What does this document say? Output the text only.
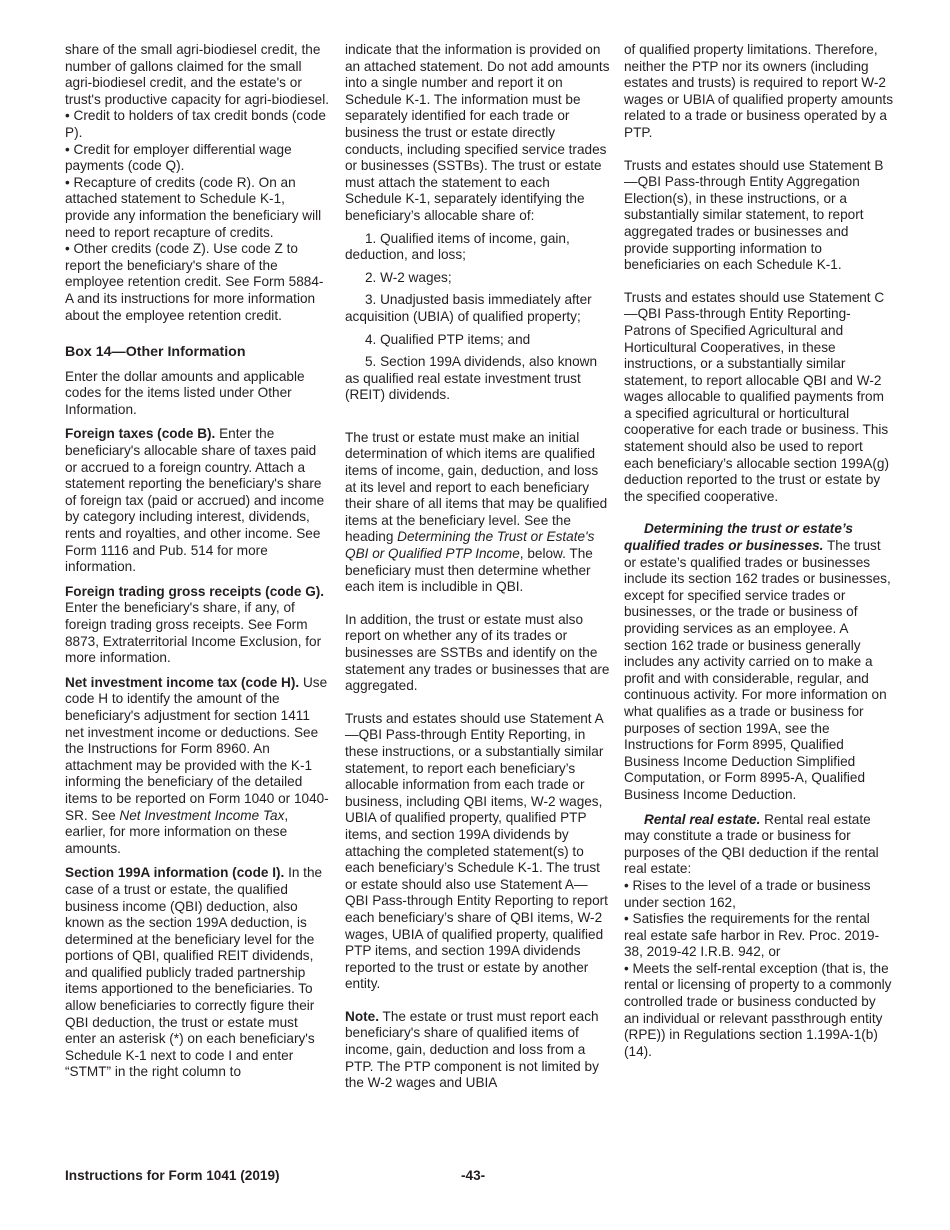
share of the small agri-biodiesel credit, the number of gallons claimed for the small agri-biodiesel credit, and the estate's or trust's productive capacity for agri-biodiesel.

• Credit to holders of tax credit bonds (code P).

• Credit for employer differential wage payments (code Q).

• Recapture of credits (code R). On an attached statement to Schedule K-1, provide any information the beneficiary will need to report recapture of credits.

• Other credits (code Z). Use code Z to report the beneficiary's share of the employee retention credit. See Form 5884-A and its instructions for more information about the employee retention credit.

Box 14—Other Information

Enter the dollar amounts and applicable codes for the items listed under Other Information.

Foreign taxes (code B). Enter the beneficiary's allocable share of taxes paid or accrued to a foreign country. Attach a statement reporting the beneficiary's share of foreign tax (paid or accrued) and income by category including interest, dividends, rents and royalties, and other income. See Form 1116 and Pub. 514 for more information.

Foreign trading gross receipts (code G). Enter the beneficiary's share, if any, of foreign trading gross receipts. See Form 8873, Extraterritorial Income Exclusion, for more information.

Net investment income tax (code H). Use code H to identify the amount of the beneficiary's adjustment for section 1411 net investment income or deductions. See the Instructions for Form 8960. An attachment may be provided with the K-1 informing the beneficiary of the detailed items to be reported on Form 1040 or 1040-SR. See Net Investment Income Tax, earlier, for more information on these amounts.

Section 199A information (code I). In the case of a trust or estate, the qualified business income (QBI) deduction, also known as the section 199A deduction, is determined at the beneficiary level for the portions of QBI, qualified REIT dividends, and qualified publicly traded partnership items apportioned to the beneficiaries. To allow beneficiaries to correctly figure their QBI deduction, the trust or estate must enter an asterisk (*) on each beneficiary's Schedule K-1 next to code I and enter “STMT” in the right column to

indicate that the information is provided on an attached statement. Do not add amounts into a single number and report it on Schedule K-1. The information must be separately identified for each trade or business the trust or estate directly conducts, including specified service trades or businesses (SSTBs). The trust or estate must attach the statement to each Schedule K-1, separately identifying the beneficiary’s allocable share of:

1. Qualified items of income, gain, deduction, and loss;

2. W-2 wages;

3. Unadjusted basis immediately after acquisition (UBIA) of qualified property;

4. Qualified PTP items; and

5. Section 199A dividends, also known as qualified real estate investment trust (REIT) dividends.

The trust or estate must make an initial determination of which items are qualified items of income, gain, deduction, and loss at its level and report to each beneficiary their share of all items that may be qualified items at the beneficiary level. See the heading Determining the Trust or Estate's QBI or Qualified PTP Income, below. The beneficiary must then determine whether each item is includible in QBI.

In addition, the trust or estate must also report on whether any of its trades or businesses are SSTBs and identify on the statement any trades or businesses that are aggregated.

Trusts and estates should use Statement A—QBI Pass-through Entity Reporting, in these instructions, or a substantially similar statement, to report each beneficiary’s allocable information from each trade or business, including QBI items, W-2 wages, UBIA of qualified property, qualified PTP items, and section 199A dividends by attaching the completed statement(s) to each beneficiary’s Schedule K-1. The trust or estate should also use Statement A—QBI Pass-through Entity Reporting to report each beneficiary’s share of QBI items, W-2 wages, UBIA of qualified property, qualified PTP items, and section 199A dividends reported to the trust or estate by another entity.

Note. The estate or trust must report each beneficiary's share of qualified items of income, gain, deduction and loss from a PTP. The PTP component is not limited by the W-2 wages and UBIA

of qualified property limitations. Therefore, neither the PTP nor its owners (including estates and trusts) is required to report W-2 wages or UBIA of qualified property amounts related to a trade or business operated by a PTP.

Trusts and estates should use Statement B—QBI Pass-through Entity Aggregation Election(s), in these instructions, or a substantially similar statement, to report aggregated trades or businesses and provide supporting information to beneficiaries on each Schedule K-1.

Trusts and estates should use Statement C—QBI Pass-through Entity Reporting- Patrons of Specified Agricultural and Horticultural Cooperatives, in these instructions, or a substantially similar statement, to report allocable QBI and W-2 wages allocable to qualified payments from a specified agricultural or horticultural cooperative for each trade or business. This statement should also be used to report each beneficiary’s allocable section 199A(g) deduction reported to the trust or estate by the specified cooperative.

Determining the trust or estate’s qualified trades or businesses. The trust or estate’s qualified trades or businesses include its section 162 trades or businesses, except for specified service trades or businesses, or the trade or business of providing services as an employee. A section 162 trade or business generally includes any activity carried on to make a profit and with considerable, regular, and continuous activity. For more information on what qualifies as a trade or business for purposes of section 199A, see the Instructions for Form 8995, Qualified Business Income Deduction Simplified Computation, or Form 8995-A, Qualified Business Income Deduction.

Rental real estate. Rental real estate may constitute a trade or business for purposes of the QBI deduction if the rental real estate:

• Rises to the level of a trade or business under section 162,

• Satisfies the requirements for the rental real estate safe harbor in Rev. Proc. 2019-38, 2019-42 I.R.B. 942, or

• Meets the self-rental exception (that is, the rental or licensing of property to a commonly controlled trade or business conducted by an individual or relevant passthrough entity (RPE)) in Regulations section 1.199A-1(b)(14).

Instructions for Form 1041 (2019)	-43-
